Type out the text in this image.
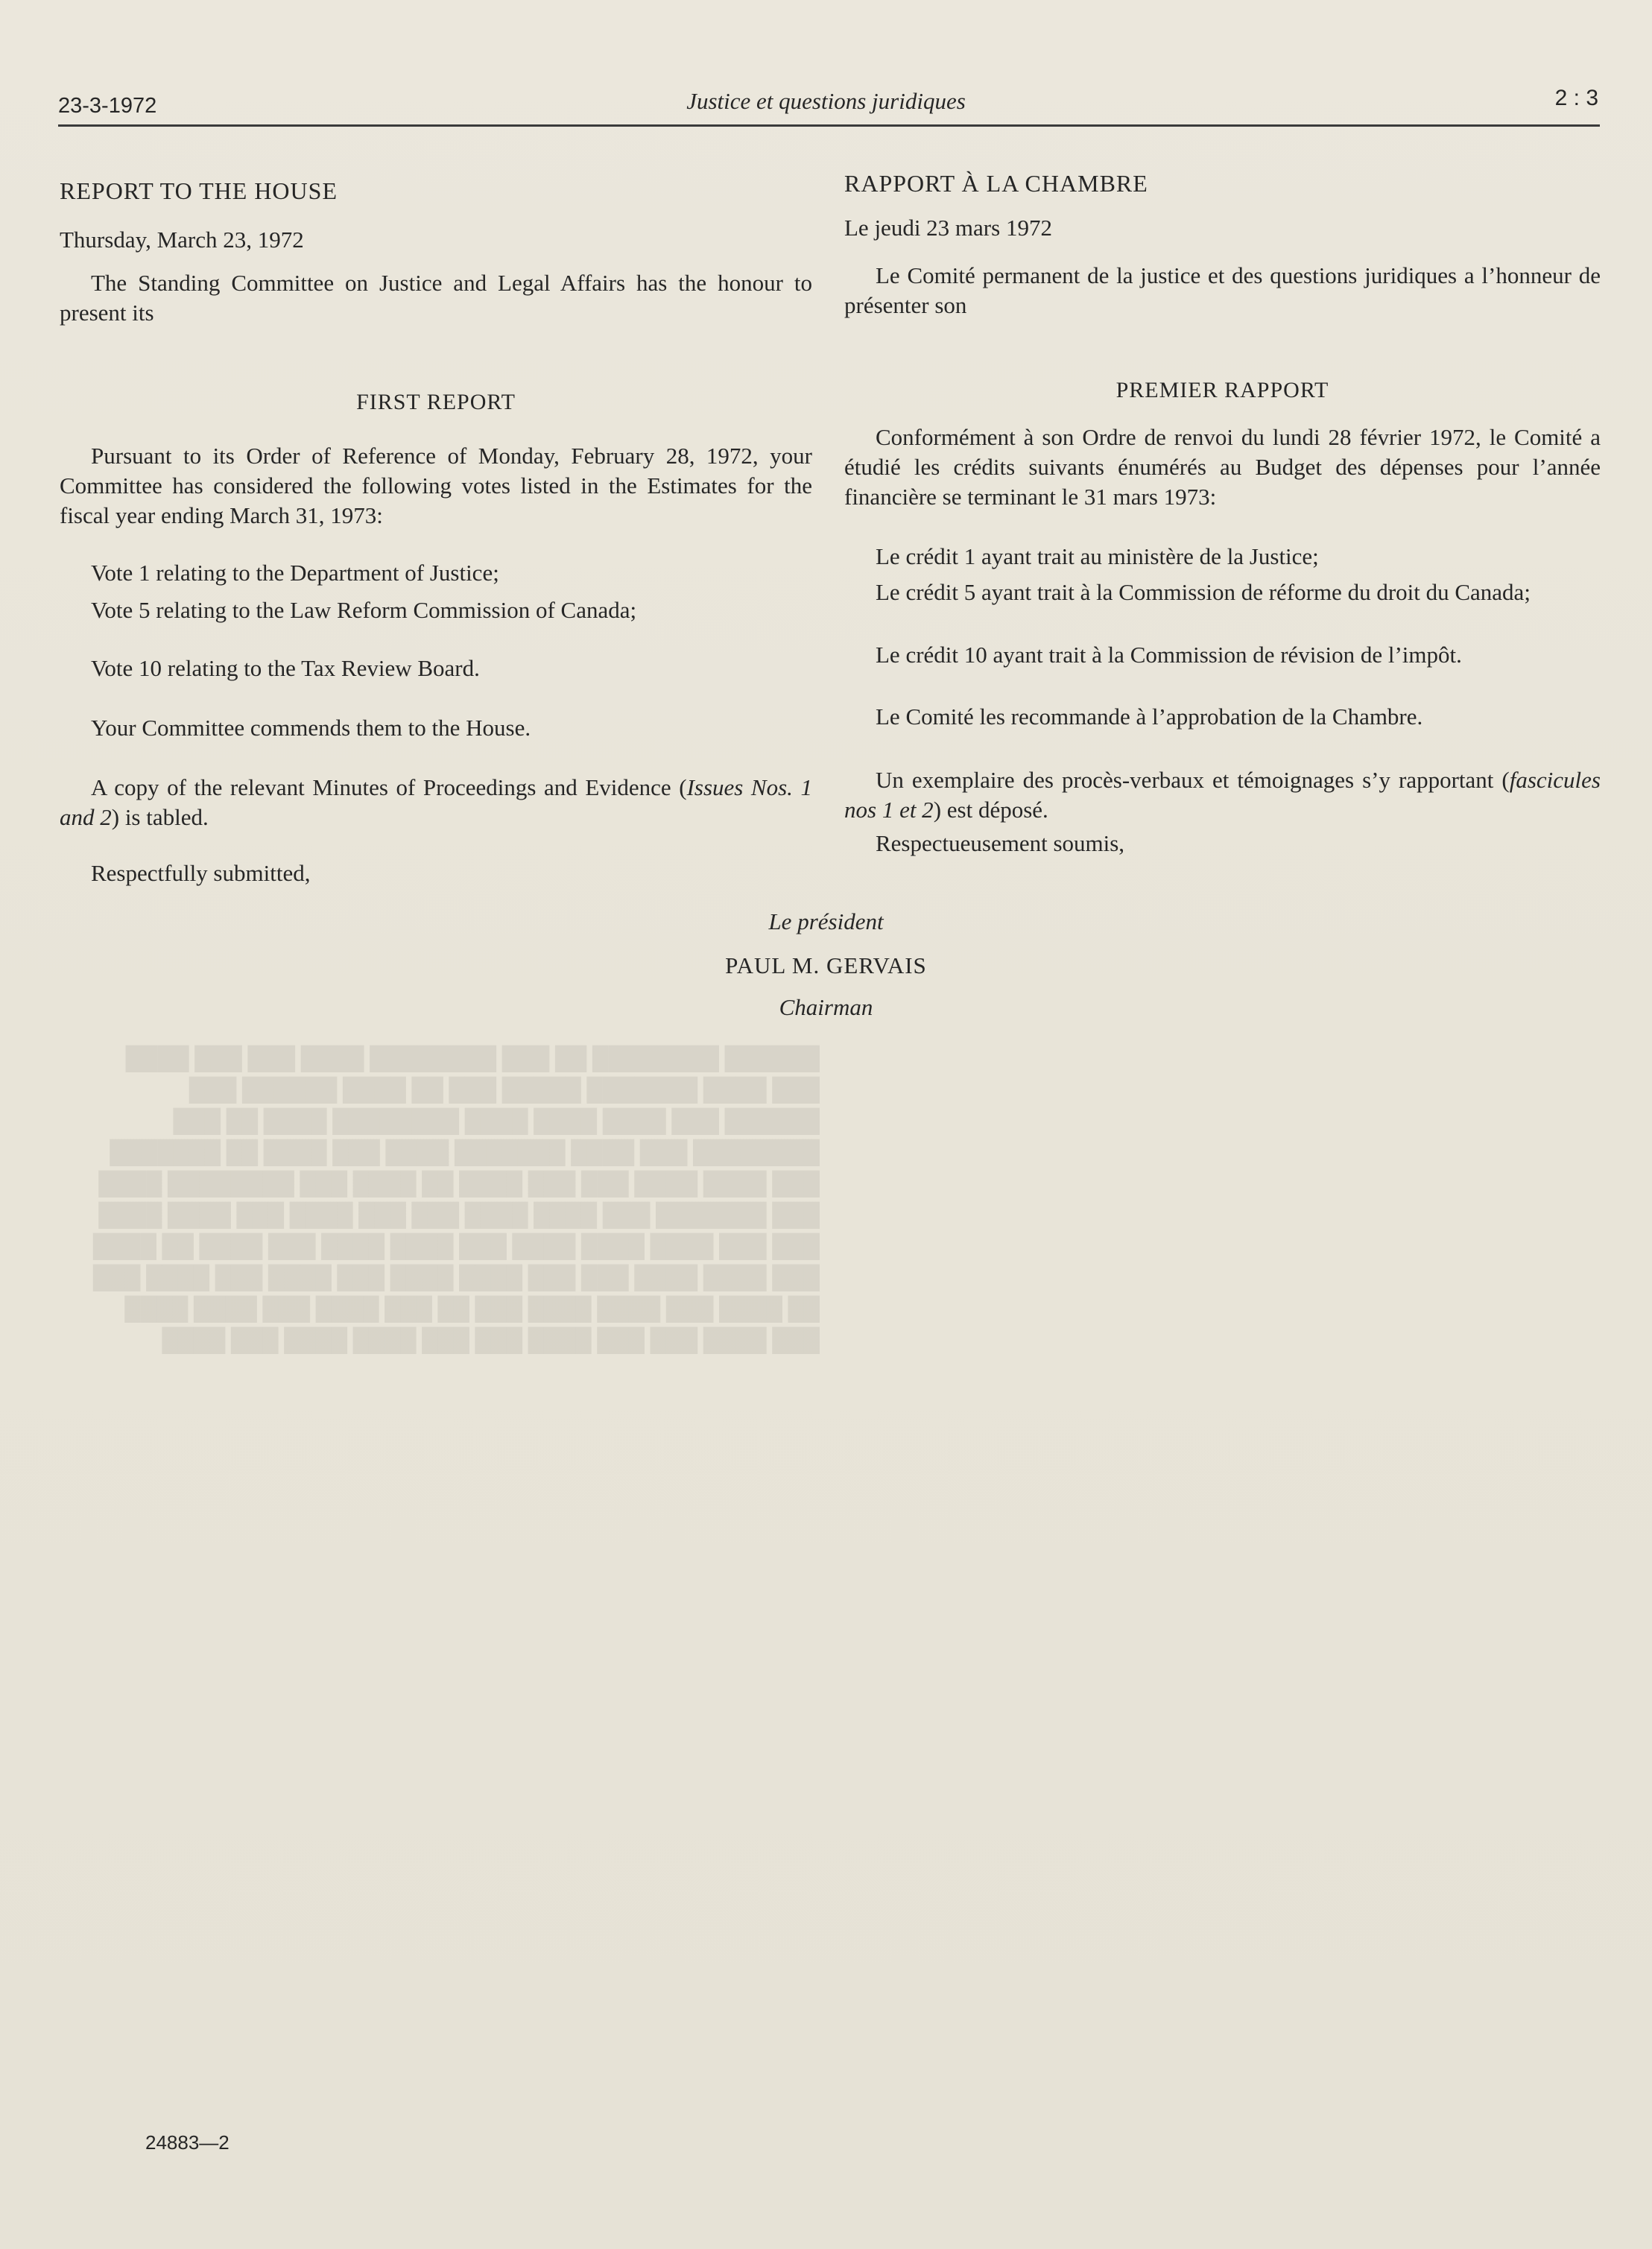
██████ ████████ ██ ███ ████████ ████ ███ ███ ████ ███ ████ ███████ █████ ███ ██ ████ ██████ ███ ██████ ███ ████ ████ ████ ████████ ████ ██ ███ ████████ ███ ████ ███████ ████ ███ ████ ██ ███████ ███ ████ ████ ███ ███ ████ ██ ████ ███ ████████ ████ ███ ███████ ███ ████ ████ ███ ███ ████ ███ ████ ████ ███ ███ ████ ████ ████ ███ ████ ████ ███ ████ ██ ████ ███ ████ ████ ███ ███ ████ ████ ███ ████ ███ ████ ███ ██ ████ ███ ████ ████ ███ ██ ███ ████ ███ ████ ████ ███ ████ ███ ███ ████ ███ ███ ████ ████ ███ ████
23-3-1972	Justice et questions juridiques	2 : 3

REPORT TO THE HOUSE

Thursday, March 23, 1972

The Standing Committee on Justice and Legal Affairs has the honour to present its

FIRST REPORT

Pursuant to its Order of Reference of Monday, February 28, 1972, your Committee has considered the following votes listed in the Estimates for the fiscal year ending March 31, 1973:

Vote 1 relating to the Department of Justice;

Vote 5 relating to the Law Reform Commission of Canada;

Vote 10 relating to the Tax Review Board.

Your Committee commends them to the House.

A copy of the relevant Minutes of Proceedings and Evidence (Issues Nos. 1 and 2) is tabled.

Respectfully submitted,

RAPPORT À LA CHAMBRE

Le jeudi 23 mars 1972

Le Comité permanent de la justice et des questions juridiques a l’honneur de présenter son

PREMIER RAPPORT

Conformément à son Ordre de renvoi du lundi 28 février 1972, le Comité a étudié les crédits suivants énumérés au Budget des dépenses pour l’année financière se terminant le 31 mars 1973:

Le crédit 1 ayant trait au ministère de la Justice;

Le crédit 5 ayant trait à la Commission de réforme du droit du Canada;

Le crédit 10 ayant trait à la Commission de révision de l’impôt.

Le Comité les recommande à l’approbation de la Chambre.

Un exemplaire des procès-verbaux et témoignages s’y rapportant (fascicules nos 1 et 2) est déposé.

Respectueusement soumis,

Le président
PAUL M. GERVAIS
Chairman
24883—2
